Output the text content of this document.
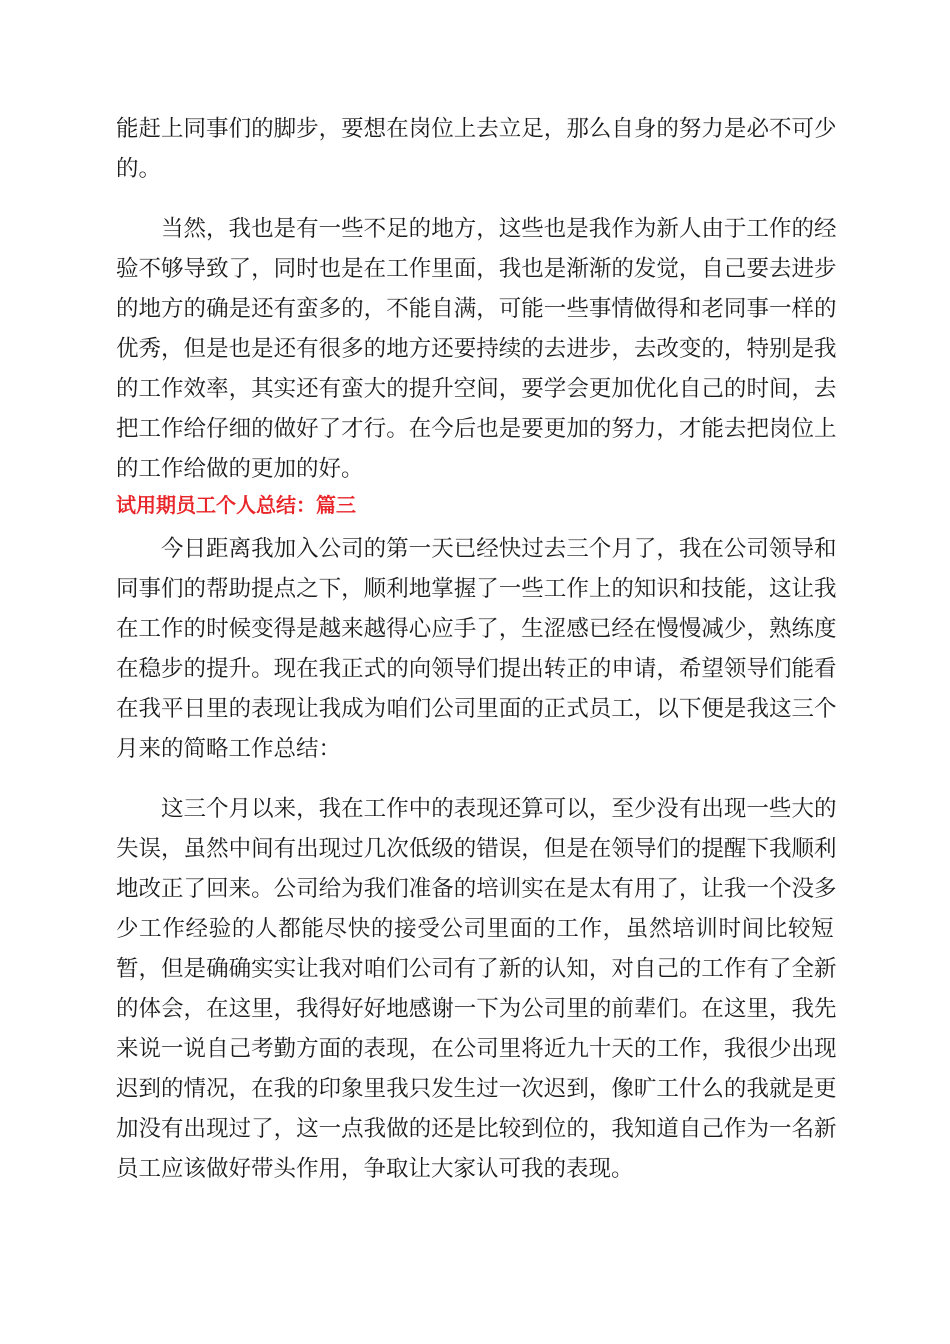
能 赶 上 同 事 们 的 脚 步 ， 要 想 在 岗 位 上 去 立 足 ， 那 么 自 身 的 努 力 是 必 不 可 少
的。
当 然 ， 我 也 是 有 一 些 不 足 的 地 方 ， 这 些 也 是 我 作 为 新 人 由 于 工 作 的 经
验 不 够 导 致 了 ， 同 时 也 是 在 工 作 里 面 ， 我 也 是 渐 渐 的 发 觉 ， 自 己 要 去 进 步
的 地 方 的 确 是 还 有 蛮 多 的 ， 不 能 自 满 ， 可 能 一 些 事 情 做 得 和 老 同 事 一 样 的
优 秀 ， 但 是 也 是 还 有 很 多 的 地 方 还 要 持 续 的 去 进 步 ， 去 改 变 的 ， 特 别 是 我
的 工 作 效 率 ， 其 实 还 有 蛮 大 的 提 升 空 间 ， 要 学 会 更 加 优 化 自 己 的 时 间 ， 去
把 工 作 给 仔 细 的 做 好 了 才 行 。 在 今 后 也 是 要 更 加 的 努 力 ， 才 能 去 把 岗 位 上
的工作给做的更加的好。
试用期员工个人总结：篇三
今 日 距 离 我 加 入 公 司 的 第 一 天 已 经 快 过 去 三 个 月 了 ， 我 在 公 司 领 导 和
同 事 们 的 帮 助 提 点 之 下 ， 顺 利 地 掌 握 了 一 些 工 作 上 的 知 识 和 技 能 ， 这 让 我
在 工 作 的 时 候 变 得 是 越 来 越 得 心 应 手 了 ， 生 涩 感 已 经 在 慢 慢 减 少 ， 熟 练 度
在 稳 步 的 提 升 。 现 在 我 正 式 的 向 领 导 们 提 出 转 正 的 申 请 ， 希 望 领 导 们 能 看
在 我 平 日 里 的 表 现 让 我 成 为 咱 们 公 司 里 面 的 正 式 员 工 ， 以 下 便 是 我 这 三 个
月来的简略工作总结：
这 三 个 月 以 来 ， 我 在 工 作 中 的 表 现 还 算 可 以 ， 至 少 没 有 出 现 一 些 大 的
失 误 ， 虽 然 中 间 有 出 现 过 几 次 低 级 的 错 误 ， 但 是 在 领 导 们 的 提 醒 下 我 顺 利
地 改 正 了 回 来 。 公 司 给 为 我 们 准 备 的 培 训 实 在 是 太 有 用 了 ， 让 我 一 个 没 多
少 工 作 经 验 的 人 都 能 尽 快 的 接 受 公 司 里 面 的 工 作 ， 虽 然 培 训 时 间 比 较 短
暂 ， 但 是 确 确 实 实 让 我 对 咱 们 公 司 有 了 新 的 认 知 ， 对 自 己 的 工 作 有 了 全 新
的 体 会 ， 在 这 里 ， 我 得 好 好 地 感 谢 一 下 为 公 司 里 的 前 辈 们 。 在 这 里 ， 我 先
来 说 一 说 自 己 考 勤 方 面 的 表 现 ， 在 公 司 里 将 近 九 十 天 的 工 作 ， 我 很 少 出 现
迟 到 的 情 况 ， 在 我 的 印 象 里 我 只 发 生 过 一 次 迟 到 ， 像 旷 工 什 么 的 我 就 是 更
加 没 有 出 现 过 了 ， 这 一 点 我 做 的 还 是 比 较 到 位 的 ， 我 知 道 自 己 作 为 一 名 新
员工应该做好带头作用，争取让大家认可我的表现。
